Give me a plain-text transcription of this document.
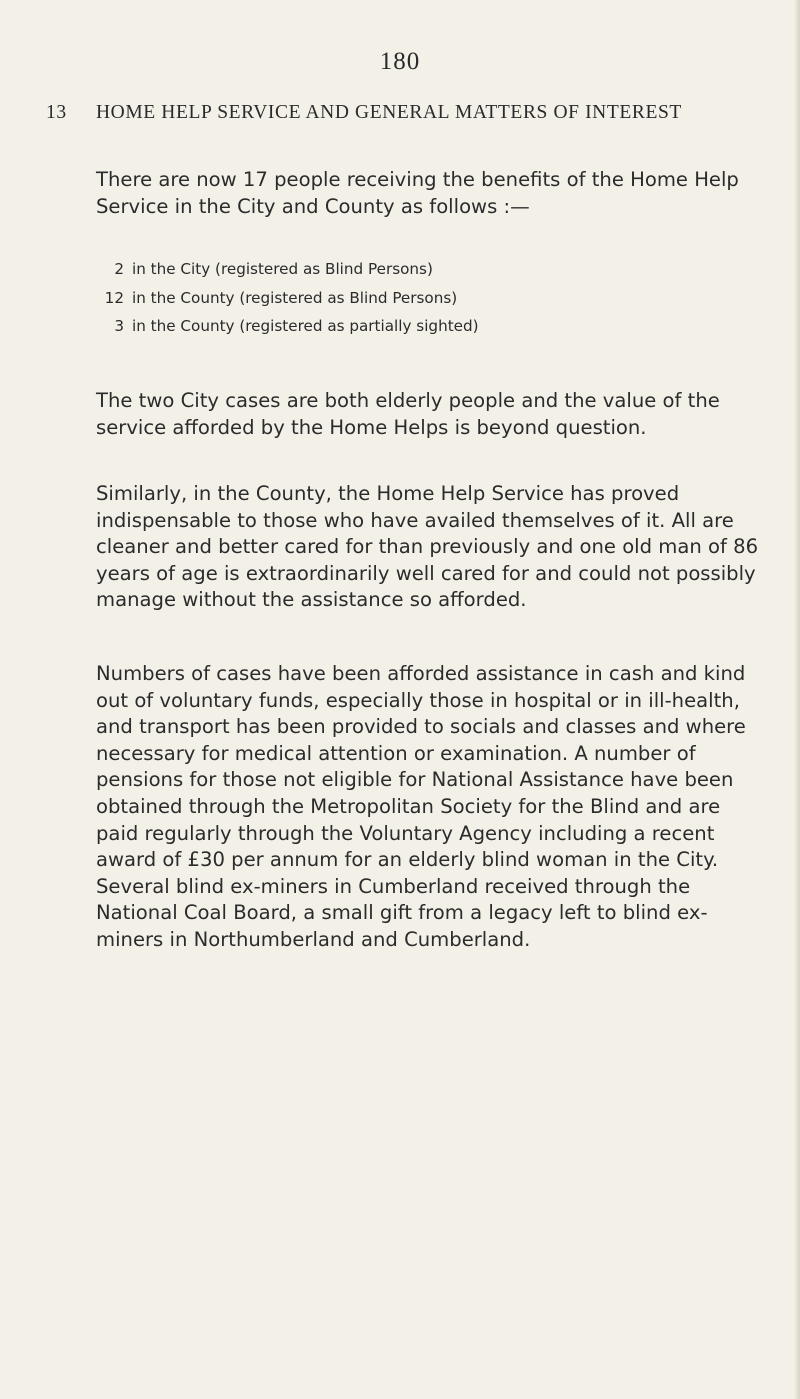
180
13 HOME HELP SERVICE AND GENERAL MATTERS OF INTEREST
There are now 17 people receiving the benefits of the Home Help Service in the City and County as follows :—
2 in the City (registered as Blind Persons)
12 in the County (registered as Blind Persons)
3 in the County (registered as partially sighted)
The two City cases are both elderly people and the value of the service afforded by the Home Helps is beyond question.
Similarly, in the County, the Home Help Service has proved indispensable to those who have availed themselves of it. All are cleaner and better cared for than previously and one old man of 86 years of age is extraordinarily well cared for and could not possibly manage without the assistance so afforded.
Numbers of cases have been afforded assistance in cash and kind out of voluntary funds, especially those in hospital or in ill-health, and transport has been provided to socials and classes and where necessary for medical attention or examination. A number of pensions for those not eligible for National Assistance have been obtained through the Metropolitan Society for the Blind and are paid regularly through the Voluntary Agency including a recent award of £30 per annum for an elderly blind woman in the City. Several blind ex-miners in Cumberland received through the National Coal Board, a small gift from a legacy left to blind ex-miners in Northumberland and Cumberland.
